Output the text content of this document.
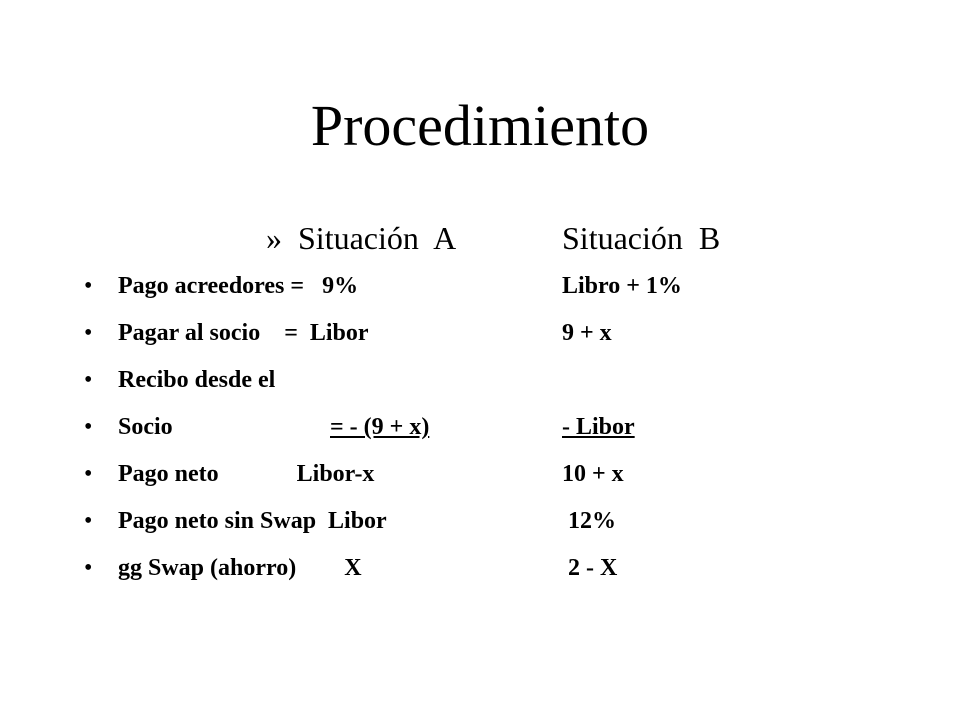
Procedimiento
» Situación  A	Situación  B
• Pago acreedores =   9%	Libro + 1%
• Pagar al socio    =  Libor	9 + x
• Recibo desde el
• Socio	= - (9 + x)	- Libor
• Pago neto             Libor-x	10 + x
• Pago neto sin Swap  Libor	12%
• gg Swap (ahorro)        X	2 - X
